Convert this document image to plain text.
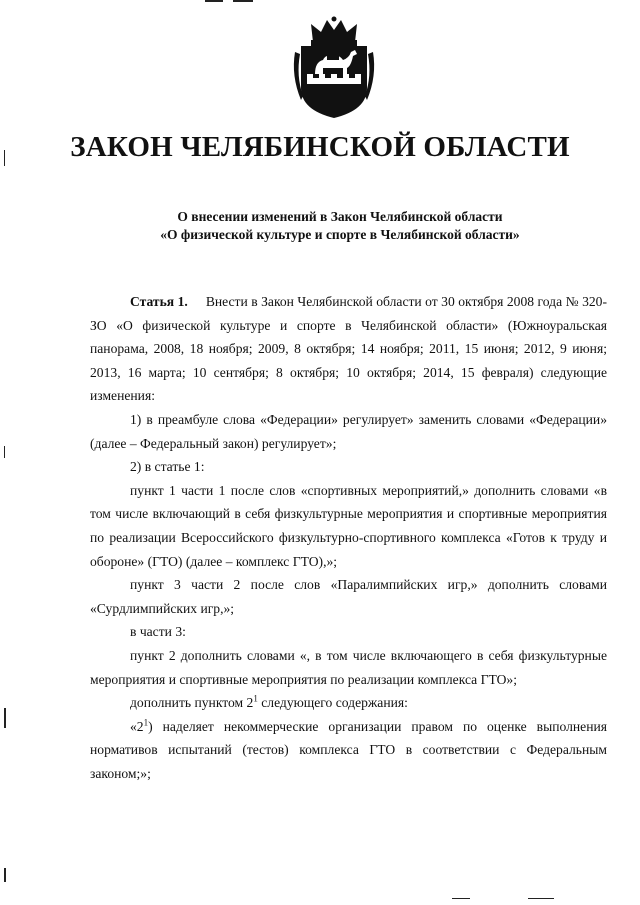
ЗАКОН ЧЕЛЯБИНСКОЙ ОБЛАСТИ
О внесении изменений в Закон Челябинской области
«О физической культуре и спорте в Челябинской области»

Статья 1. Внести в Закон Челябинской области от 30 октября 2008 года № 320-ЗО «О физической культуре и спорте в Челябинской области» (Южноуральская панорама, 2008, 18 ноября; 2009, 8 октября; 14 ноября; 2011, 15 июня; 2012, 9 июня; 2013, 16 марта; 10 сентября; 8 октября; 10 октября; 2014, 15 февраля) следующие изменения:

1) в преамбуле слова «Федерации» регулирует» заменить словами «Федерации» (далее – Федеральный закон) регулирует»;

2) в статье 1:

пункт 1 части 1 после слов «спортивных мероприятий,» дополнить словами «в том числе включающий в себя физкультурные мероприятия и спортивные мероприятия по реализации Всероссийского физкультурно-спортивного комплекса «Готов к труду и обороне» (ГТО) (далее – комплекс ГТО),»;

пункт 3 части 2 после слов «Паралимпийских игр,» дополнить словами «Сурдлимпийских игр,»;

в части 3:

пункт 2 дополнить словами «, в том числе включающего в себя физкультурные мероприятия и спортивные мероприятия по реализации комплекса ГТО»;

дополнить пунктом $2^1$ следующего содержания:

«$2^1$) наделяет некоммерческие организации правом по оценке выполнения нормативов испытаний (тестов) комплекса ГТО в соответствии с Федеральным законом;»;
